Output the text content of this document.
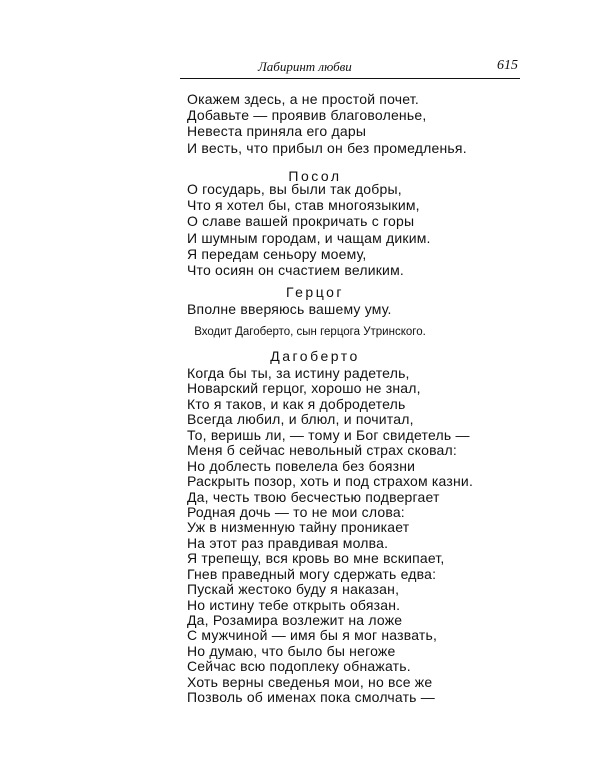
Лабиринт любви	615
Окажем здесь, а не простой почет.
Добавьте — проявив благоволенье,
Невеста приняла его дары
И весть, что прибыл он без промедленья.
Посол
О государь, вы были так добры,
Что я хотел бы, став многоязыким,
О славе вашей прокричать с горы
И шумным городам, и чащам диким.
Я передам сеньору моему,
Что осиян он счастием великим.
Герцог
Вполне вверяюсь вашему уму.
Входит Дагоберто, сын герцога Утринского.
Дагоберто
Когда бы ты, за истину радетель,
Новарский герцог, хорошо не знал,
Кто я таков, и как я добродетель
Всегда любил, и блюл, и почитал,
То, веришь ли, — тому и Бог свидетель —
Меня б сейчас невольный страх сковал:
Но доблесть повелела без боязни
Раскрыть позор, хоть и под страхом казни.
Да, честь твою бесчестью подвергает
Родная дочь — то не мои слова:
Уж в низменную тайну проникает
На этот раз правдивая молва.
Я трепещу, вся кровь во мне вскипает,
Гнев праведный могу сдержать едва:
Пускай жестоко буду я наказан,
Но истину тебе открыть обязан.
Да, Розамира возлежит на ложе
С мужчиной — имя бы я мог назвать,
Но думаю, что было бы негоже
Сейчас всю подоплеку обнажать.
Хоть верны сведенья мои, но все же
Позволь об именах пока смолчать —
